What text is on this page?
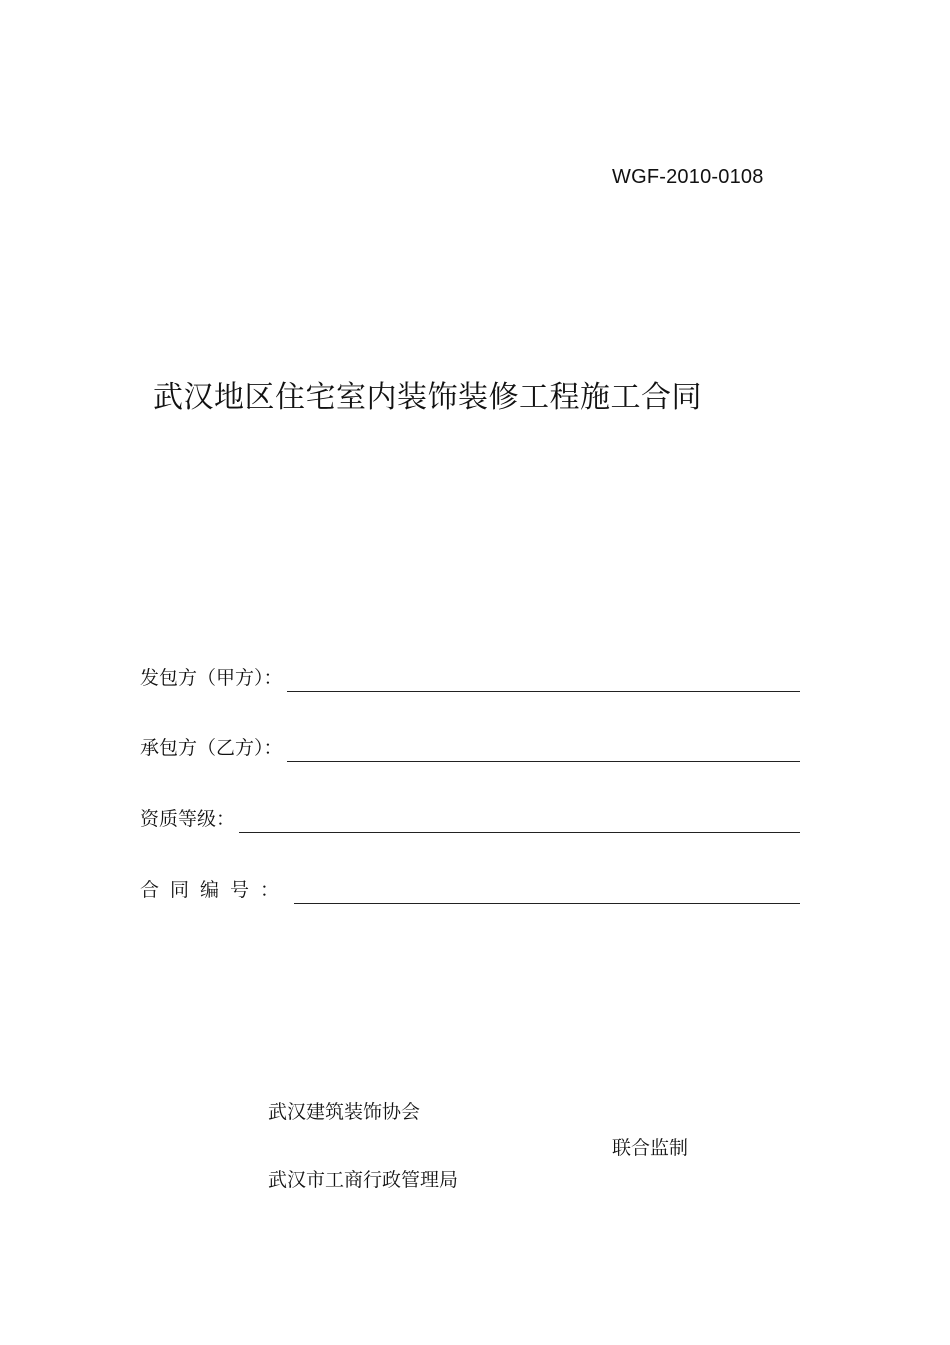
WGF-2010-0108
武汉地区住宅室内装饰装修工程施工合同
发包方（甲方）：
承包方（乙方）：
资质等级：
合同编号：
武汉建筑装饰协会
联合监制
武汉市工商行政管理局
